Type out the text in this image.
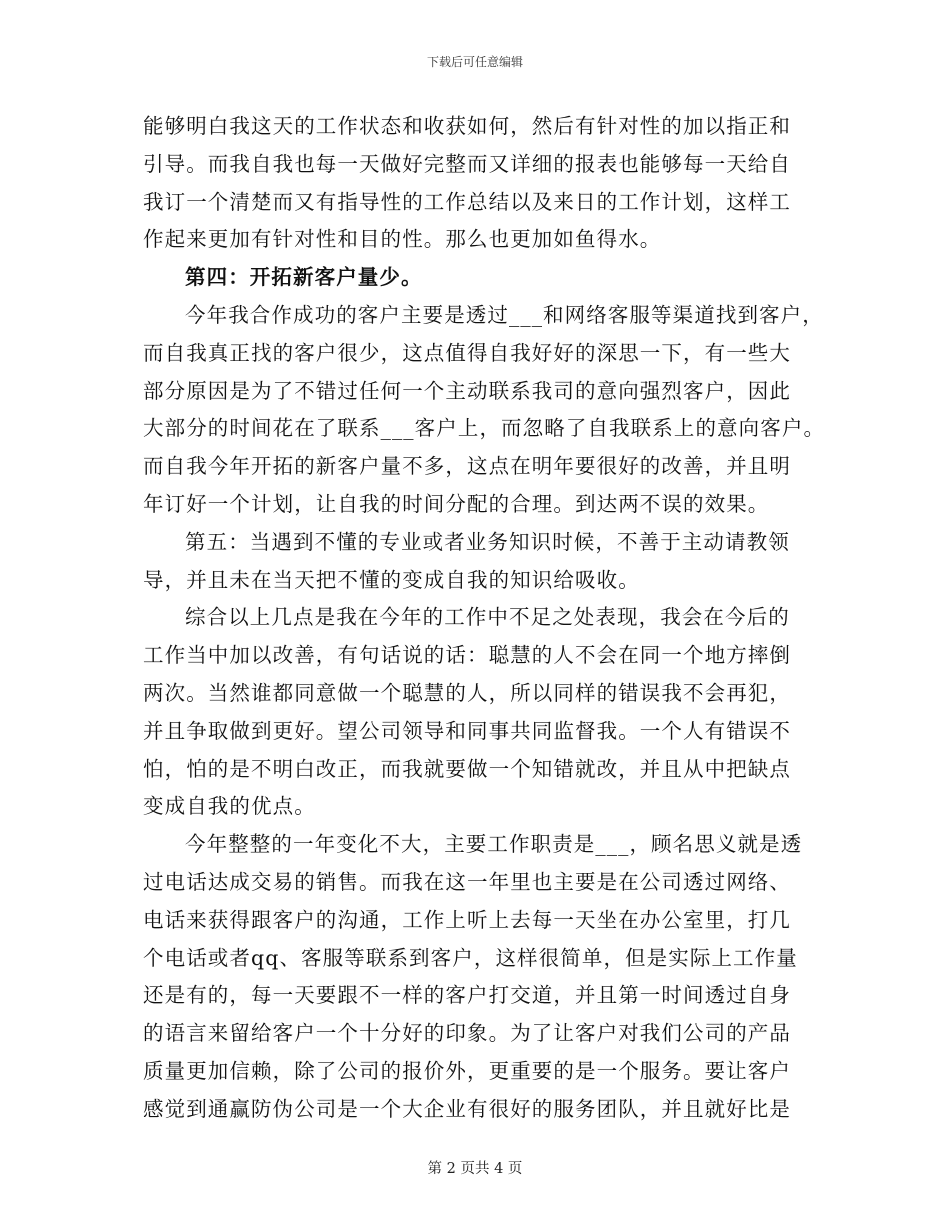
下载后可任意编辑
能够明白我这天的工作状态和收获如何，然后有针对性的加以指正和
引导。而我自我也每一天做好完整而又详细的报表也能够每一天给自
我订一个清楚而又有指导性的工作总结以及来日的工作计划，这样工
作起来更加有针对性和目的性。那么也更加如鱼得水。
第四：开拓新客户量少。
今年我合作成功的客户主要是透过___和网络客服等渠道找到客户，
而自我真正找的客户很少，这点值得自我好好的深思一下，有一些大
部分原因是为了不错过任何一个主动联系我司的意向强烈客户，因此
大部分的时间花在了联系___客户上，而忽略了自我联系上的意向客户。
而自我今年开拓的新客户量不多，这点在明年要很好的改善，并且明
年订好一个计划，让自我的时间分配的合理。到达两不误的效果。
第五：当遇到不懂的专业或者业务知识时候，不善于主动请教领
导，并且未在当天把不懂的变成自我的知识给吸收。
综合以上几点是我在今年的工作中不足之处表现，我会在今后的
工作当中加以改善，有句话说的话：聪慧的人不会在同一个地方摔倒
两次。当然谁都同意做一个聪慧的人，所以同样的错误我不会再犯，
并且争取做到更好。望公司领导和同事共同监督我。一个人有错误不
怕，怕的是不明白改正，而我就要做一个知错就改，并且从中把缺点
变成自我的优点。
今年整整的一年变化不大，主要工作职责是___，顾名思义就是透
过电话达成交易的销售。而我在这一年里也主要是在公司透过网络、
电话来获得跟客户的沟通，工作上听上去每一天坐在办公室里，打几
个电话或者qq、客服等联系到客户，这样很简单，但是实际上工作量
还是有的，每一天要跟不一样的客户打交道，并且第一时间透过自身
的语言来留给客户一个十分好的印象。为了让客户对我们公司的产品
质量更加信赖，除了公司的报价外，更重要的是一个服务。要让客户
感觉到通赢防伪公司是一个大企业有很好的服务团队，并且就好比是
第 2 页共 4 页
